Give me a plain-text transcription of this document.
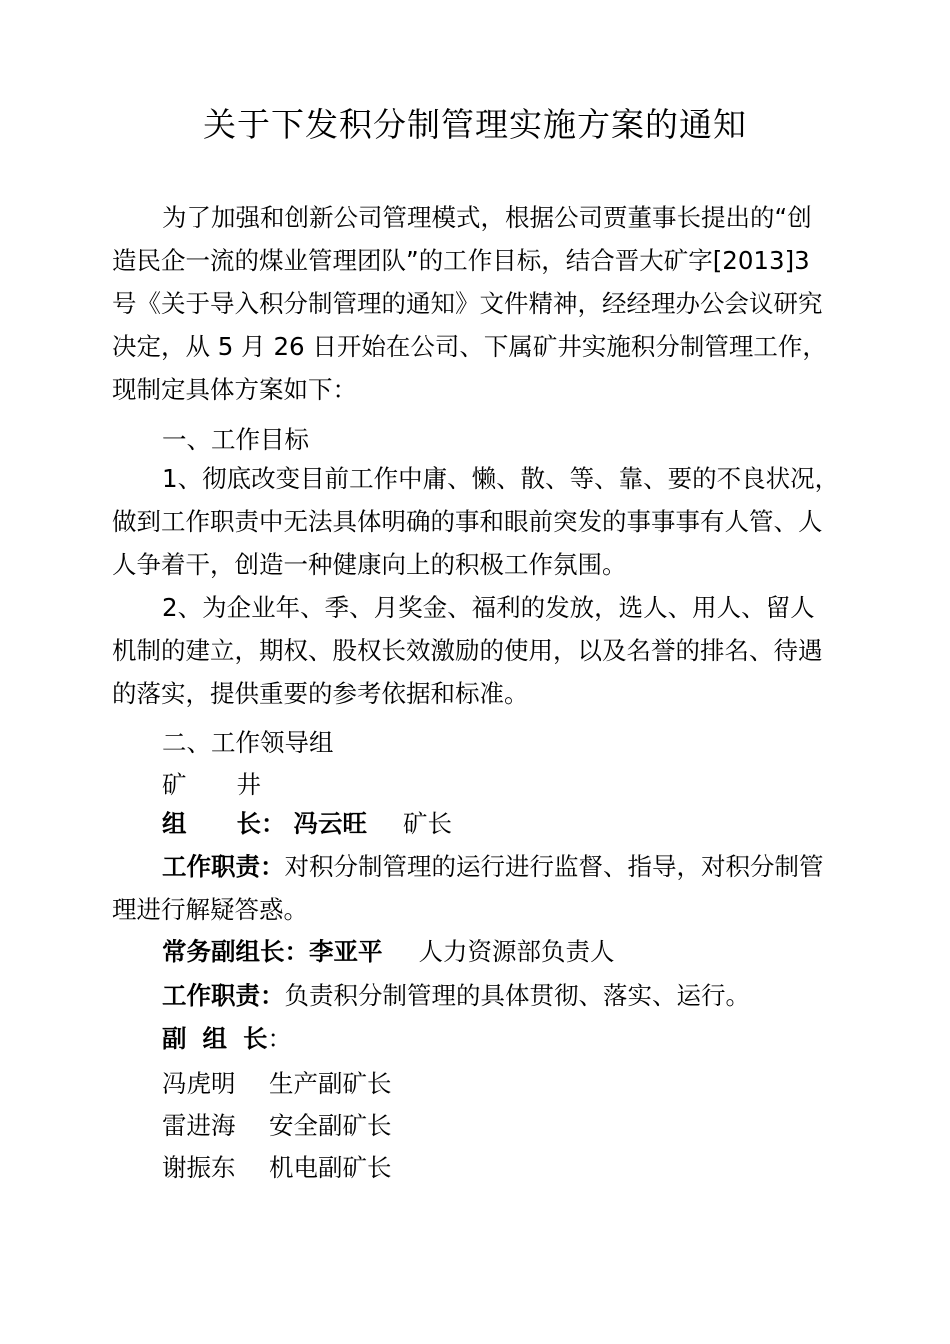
关于下发积分制管理实施方案的通知
为了加强和创新公司管理模式，根据公司贾董事长提出的“创
造民企一流的煤业管理团队”的工作目标，结合晋大矿字[2013]3
号《关于导入积分制管理的通知》文件精神，经经理办公会议研究
决定，从 5 月 26 日开始在公司、下属矿井实施积分制管理工作，
现制定具体方案如下：
一、工作目标
1、彻底改变目前工作中庸、懒、散、等、靠、要的不良状况，
做到工作职责中无法具体明确的事和眼前突发的事事事有人管、人
人争着干，创造一种健康向上的积极工作氛围。
2、为企业年、季、月奖金、福利的发放，选人、用人、留人
机制的建立，期权、股权长效激励的使用，以及名誉的排名、待遇
的落实，提供重要的参考依据和标准。
二、工作领导组
矿 井
组 长： 冯云旺 矿长
工作职责：对积分制管理的运行进行监督、指导，对积分制管
理进行解疑答惑。
常务副组长：李亚平 人力资源部负责人
工作职责：负责积分制管理的具体贯彻、落实、运行。
副 组 长：
冯虎明 生产副矿长
雷进海 安全副矿长
谢振东 机电副矿长
